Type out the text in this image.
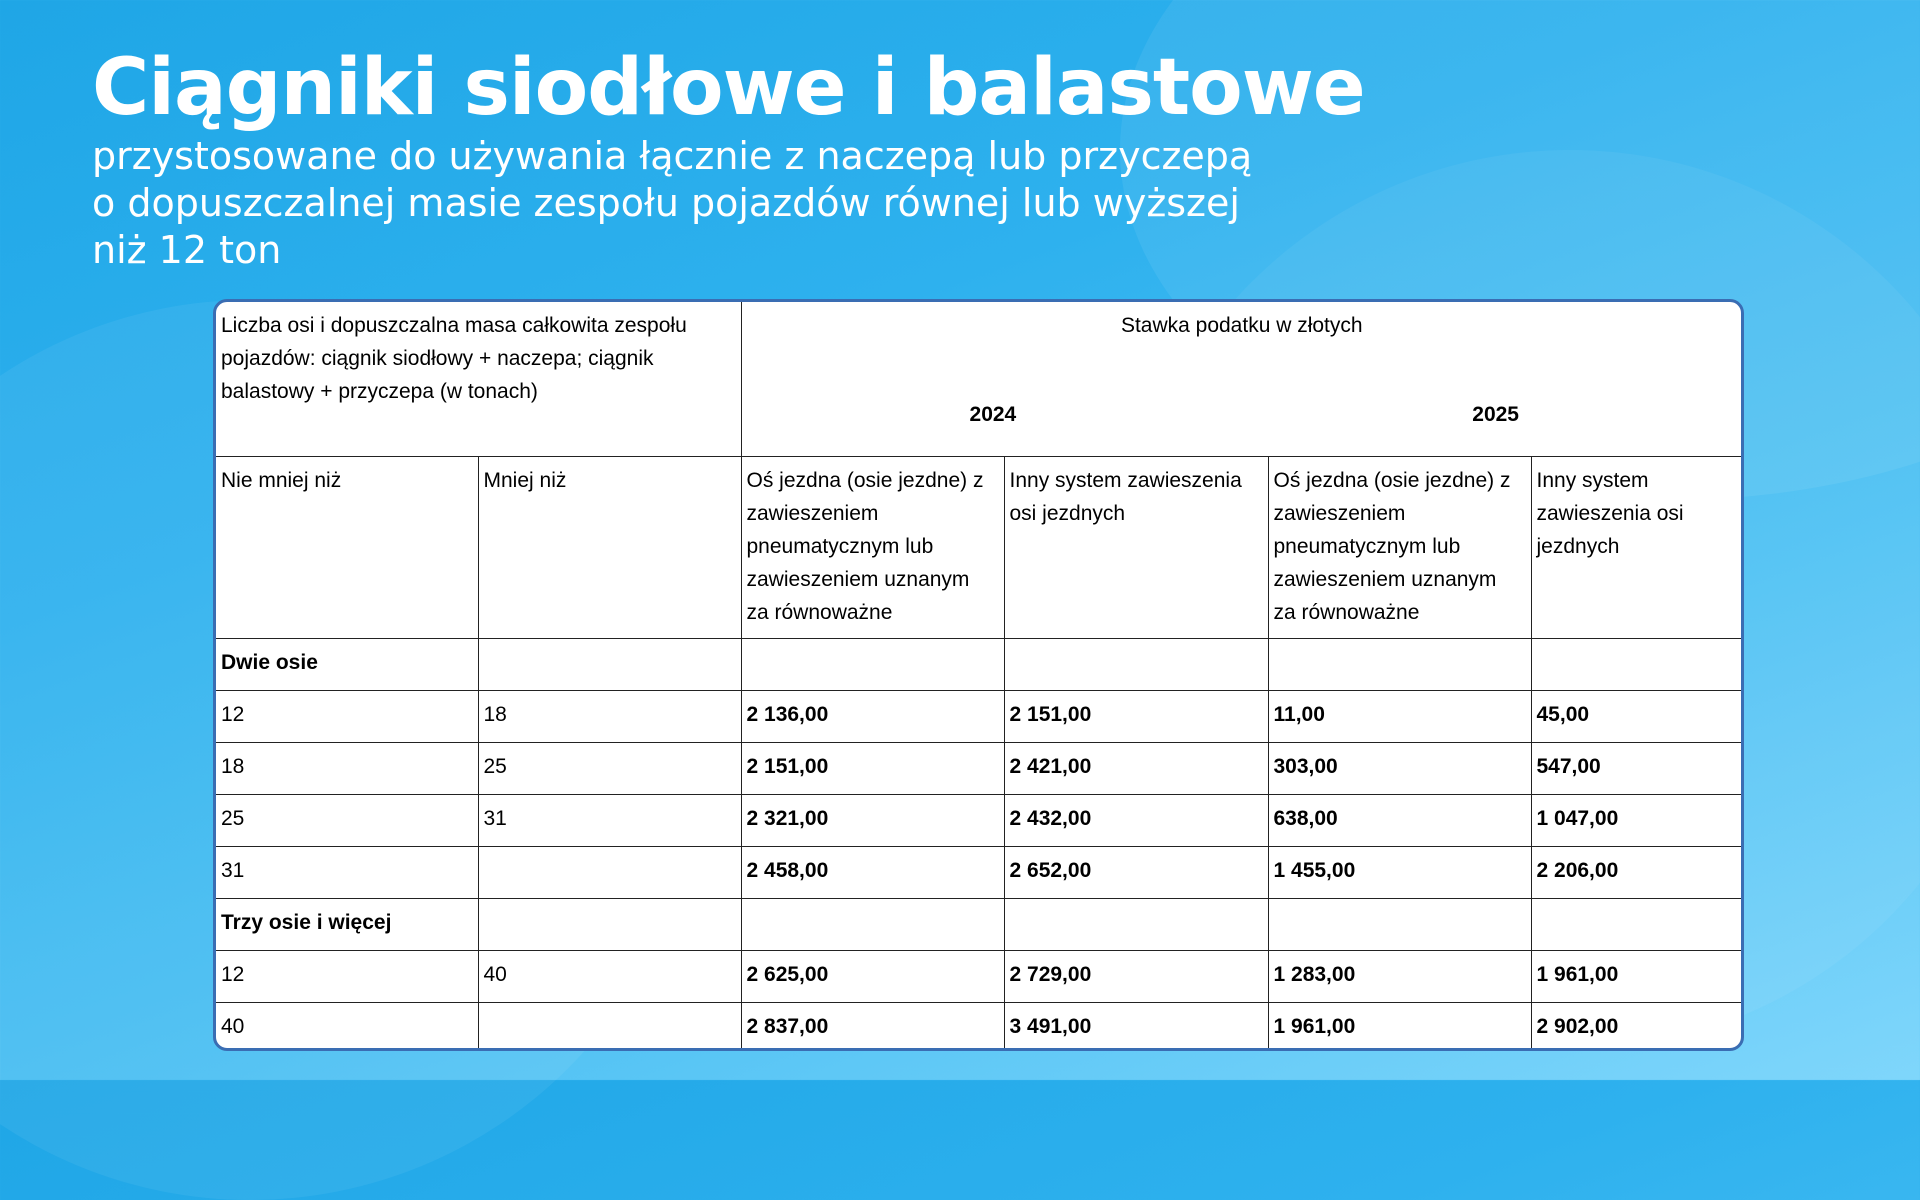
Ciągniki siodłowe i balastowe
przystosowane do używania łącznie z naczepą lub przyczepą
o dopuszczalnej masie zespołu pojazdów równej lub wyższej
niż 12 ton
Liczba osi i dopuszczalna masa całkowita zespołu pojazdów: ciągnik siodłowy + naczepa; ciągnik balastowy + przyczepa (w tonach)		Stawka podatku w złotych
2024 2025			

Nie mniej niż	Mniej niż	Oś jezdna (osie jezdne) z zawieszeniem pneumatycznym lub zawieszeniem uznanym za równoważne	Inny system zawieszenia osi jezdnych	Oś jezdna (osie jezdne) z zawieszeniem pneumatycznym lub zawieszeniem uznanym za równoważne	Inny system zawieszenia osi jezdnych
Dwie osie					
12	18	2 136,00	2 151,00	11,00	45,00
18	25	2 151,00	2 421,00	303,00	547,00
25	31	2 321,00	2 432,00	638,00	1 047,00
31		2 458,00	2 652,00	1 455,00	2 206,00
Trzy osie i więcej					
12	40	2 625,00	2 729,00	1 283,00	1 961,00
40		2 837,00	3 491,00	1 961,00	2 902,00
